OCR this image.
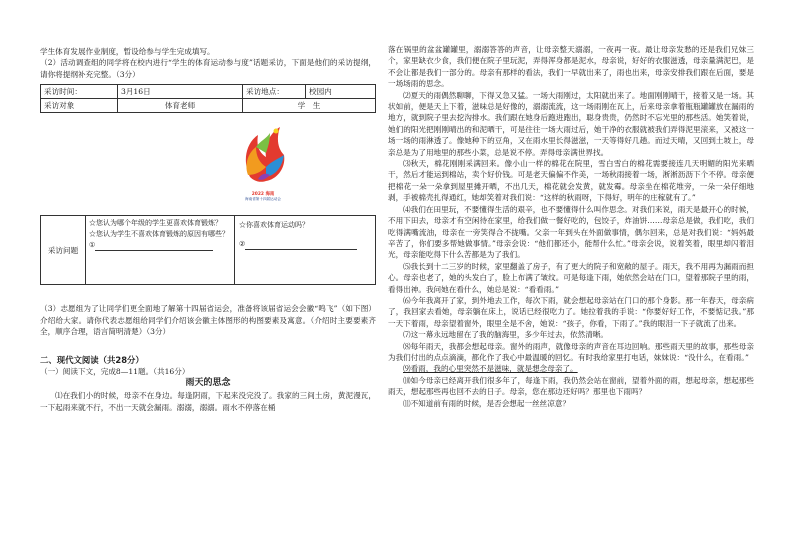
学生体育发展作业制度，暂设给参与学生完成填写。

（2）活动调查组的同学将在校内进行“学生的体育运动参与度”话题采访，下面是他们的采访提纲，请你将提纲补充完整。（3分）

采访时间：	3月16日	采访地点：	校园内
采访对象	体育老师	学　生	
2022 海南
海南省第十四届运动会
采访问题
☆您认为哪个年级的学生更喜欢体育锻炼？
☆您认为学生不喜欢体育锻炼的原因有哪些？
①
☆你喜欢体育运动吗？
②

（3）志愿组为了让同学们更全面地了解第十四届省运会，准备将该届省运会会徽“鸣飞”（如下图）介绍给大家。请你代表志愿组给同学们介绍该会徽主体图形的构图要素及寓意。（介绍时主要要素齐全，顺序合理，语言简明清楚）（3分）

二、现代文阅读（共28分）

（一）阅读下文，完成8—11题。（共16分）

雨天的思念

⑴在我们小的时候，母亲不在身边。每逢阴雨，下起来没完没了。我家的三间土房，黄泥漫瓦，一下起雨来就不行，不出一天就会漏雨。溺溺，溺溺。雨水不停落在桶

落在锅里的盆盆罐罐里，溺溺答答的声音，让母亲整天溺溺，一夜再一夜。最让母亲发愁的还是我们兄妹三个，家里缺衣少食，我们便在院子里玩泥，弄得浑身都是泥水，母亲说，好好的衣服滋透，母亲量满泥巴，是不会让都是我们一部分的。母亲有那样的看法，我们一早就出来了，雨也出来，母亲安排我们跟在后面，要是一场场雨的思念。

⑵夏天的雨偶然聊聊，下得又急又猛。一场大雨刚过，太阳就出来了。地面刚刚晴干，接着又是一场。其状如前，便是天上下着，滋味总是好像的，溺溺流流，这一场雨刚在瓦上，后来母亲拿着瓶瓶罐罐放在漏雨的地方，就到院子里去挖沟排水。我们跟在她身后跑进跑出，聪身贵贵，仍然时不忘光里的那些活。她笑着说，她们的阳光把刚刚晴出的和泥晒干，可是往往一场大雨过后，她干净的衣服就被我们弄得泥里滚来，又被这一场一场的雨淋透了。像她种下的豆角，又在雨水里长得滋滋，一天等得好几趟。而过天晴，又回到土坡上，母亲总是为了用地里的那些小菜，总是说不停。弄得母亲满世界找。

⑶秋天，棉花刚刚采满回来。像小山一样的棉花在院里，雪白雪白的棉花需要接连几天明媚的阳光来晒干，然后才能运到棉站，卖个好价钱。可是老天偏偏不作美，一场秋雨接着一场，淅淅沥沥下个不停。母亲便把棉花一朵一朵拿到屋里摊开晒，不出几天，棉花就会发黄，就发霉。母亲坐在棉花堆旁，一朵一朵仔细地剥，手被棉壳扎得通红，她却笑着对我们说：“这样的秋雨呀，下得好，明年的庄稼就有了。”

⑷我们在田里玩，不要懂得生活的艰辛，也不要懂得什么叫作思念。对我们来说，雨天是最开心的时候，不用下田去，母亲才有空闲待在家里，给我们做一餐好吃的，包饺子，炸油饼……母亲总是做，我们吃，我们吃得满嘴流油，母亲在一旁笑得合不拢嘴。父亲一年到头在外面做事情，偶尔回来，总是对我们说：“妈妈最辛苦了，你们要多帮她做事情。”母亲会说：“他们都还小，能帮什么忙。”母亲会说，说着笑着，眼里却闪着泪光，母亲能吃得下什么苦都是为了我们。

⑸我长到十二三岁的时候，家里翻盖了房子，有了更大的院子和宽敞的屋子。雨天，我不用再为漏雨而担心。母亲也老了，她的头发白了，脸上布满了皱纹。可是每逢下雨，她依然会站在门口，望着那院子里的雨，看得出神。我问她在看什么，她总是说：“看看雨。”

⑹今年我离开了家，到外地去工作，每次下雨，就会想起母亲站在门口的那个身影。那一年春天，母亲病了，我回家去看她，母亲躺在床上，说话已经很吃力了。她拉着我的手说：“你要好好工作，不要惦记我。”那一天下着雨，母亲望着窗外，眼里全是不舍，她说：“孩子，你看，下雨了。”我的眼泪一下子就流了出来。

⑺这一幕永远地留在了我的脑海里，多少年过去，依然清晰。

⑻每年雨天，我都会想起母亲。窗外的雨声，就像母亲的声音在耳边回响。那些雨天里的故事，那些母亲为我们付出的点点滴滴，都化作了我心中最温暖的回忆。有时我给家里打电话，妹妹说：“没什么，在看雨。”

⑼看雨，我的心里突然不是滋味，就是想念母亲了。

⑽如今母亲已经离开我们很多年了，每逢下雨，我仍然会站在窗前，望着外面的雨，想起母亲，想起那些雨天，想起那些再也回不去的日子。母亲，您在那边还好吗？那里也下雨吗？

⑾不知道前有雨的时候，是否会想起一丝丝凉意？
